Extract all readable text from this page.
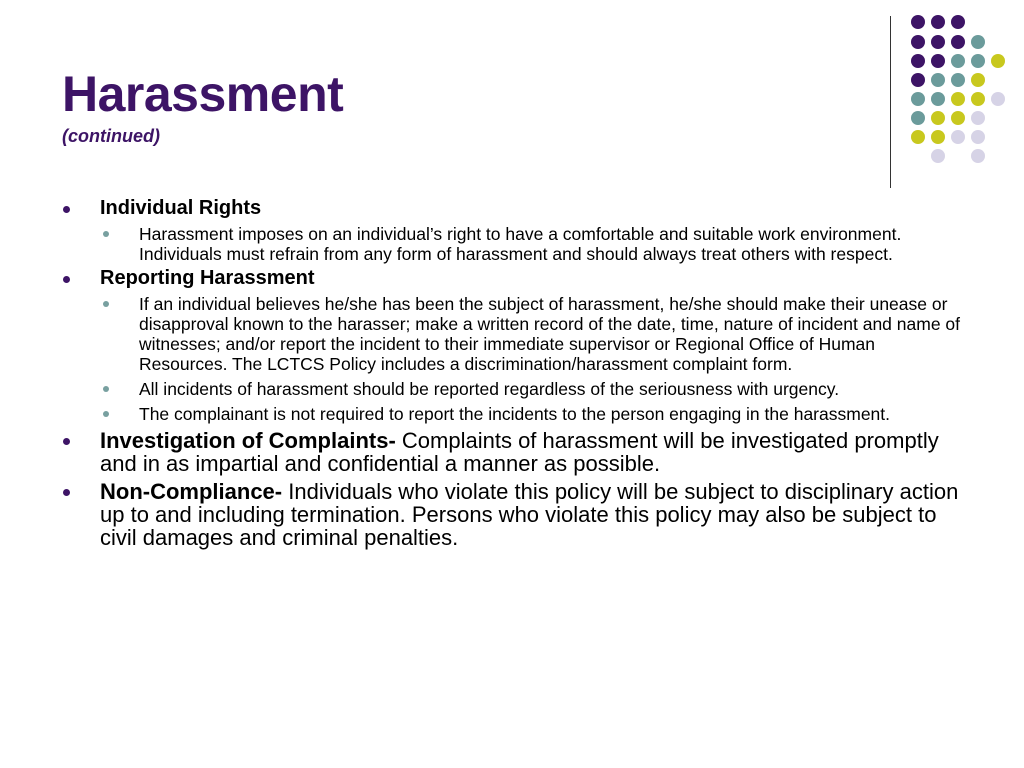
Harassment
(continued)
Individual Rights
Harassment imposes on an individual’s right to have a comfortable and suitable work environment. Individuals must refrain from any form of harassment and should always treat others with respect.
Reporting Harassment
If an individual believes he/she has been the subject of harassment, he/she should make their unease or disapproval known to the harasser; make a written record of the date, time, nature of incident and name of witnesses; and/or report the incident to their immediate supervisor or Regional Office of Human Resources. The LCTCS Policy includes a discrimination/harassment complaint form.
All incidents of harassment should be reported regardless of the seriousness with urgency.
The complainant is not required to report the incidents to the person engaging in the harassment.
Investigation of Complaints- Complaints of harassment will be investigated promptly and in as impartial and confidential a manner as possible.
Non-Compliance- Individuals who violate this policy will be subject to disciplinary action up to and including termination. Persons who violate this policy may also be subject to civil damages and criminal penalties.
